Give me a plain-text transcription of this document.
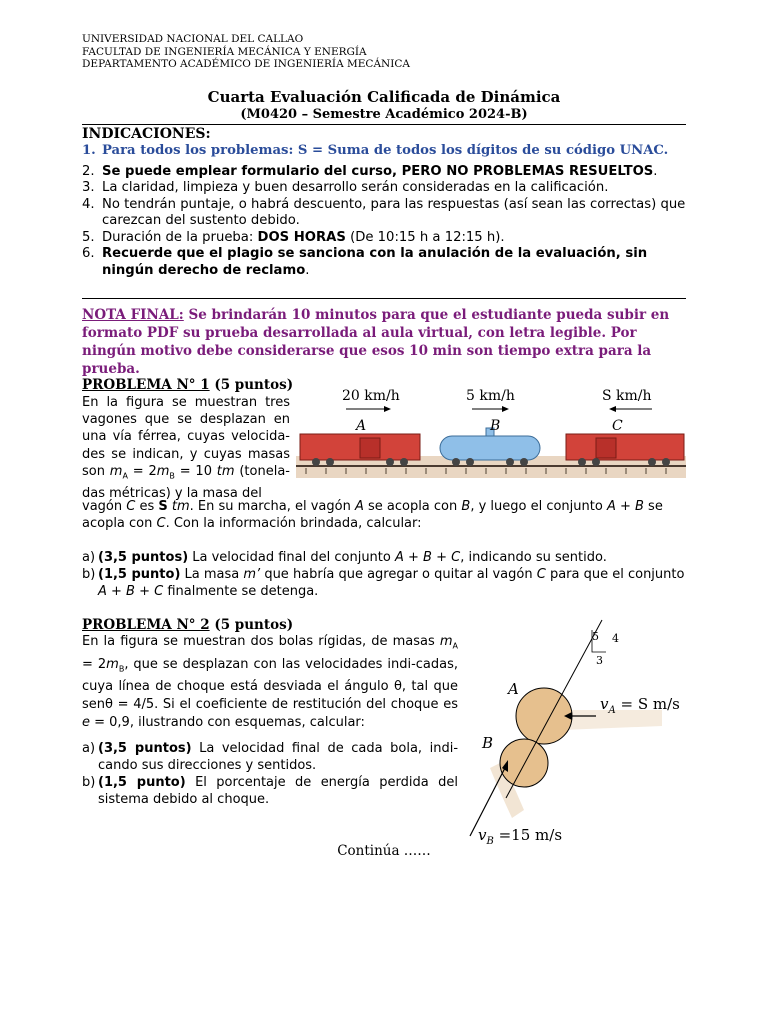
UNIVERSIDAD NACIONAL DEL CALLAO
FACULTAD DE INGENIERÍA MECÁNICA Y ENERGÍA
DEPARTAMENTO ACADÉMICO DE INGENIERÍA MECÁNICA
Cuarta Evaluación Calificada de Dinámica
(M0420 – Semestre Académico 2024-B)
INDICACIONES:
1. Para todos los problemas: S = Suma de todos los dígitos de su código UNAC.
2. Se puede emplear formulario del curso, PERO NO PROBLEMAS RESUELTOS.
3. La claridad, limpieza y buen desarrollo serán consideradas en la calificación.
4. No tendrán puntaje, o habrá descuento, para las respuestas (así sean las correctas) que carezcan del sustento debido.
5. Duración de la prueba: DOS HORAS (De 10:15 h a 12:15 h).
6. Recuerde que el plagio se sanciona con la anulación de la evaluación, sin ningún derecho de reclamo.
NOTA FINAL: Se brindarán 10 minutos para que el estudiante pueda subir en formato PDF su prueba desarrollada al aula virtual, con letra legible. Por ningún motivo debe considerarse que esos 10 min son tiempo extra para la prueba.
PROBLEMA N° 1 (5 puntos)
En la figura se muestran tres vagones que se desplazan en una vía férrea, cuyas velocida-des se indican, y cuyas masas son $m_A = 2m_B = 10$ tm (tonela-das métricas) y la masa del
vagón C es S tm. En su marcha, el vagón A se acopla con B, y luego el conjunto A + B se acopla con C. Con la información brindada, calcular:
a) (3,5 puntos) La velocidad final del conjunto A + B + C, indicando su sentido.
b) (1,5 punto) La masa m’ que habría que agregar o quitar al vagón C para que el conjunto A + B + C finalmente se detenga.
20 km/h	5 km/h	S km/h
A	B	C
PROBLEMA N° 2 (5 puntos)
En la figura se muestran dos bolas rígidas, de masas $m_A = 2m_B$, que se desplazan con las velocidades indi-cadas, cuya línea de choque está desviada el ángulo θ, tal que senθ = 4/5. Si el coeficiente de restitución del choque es e = 0,9, ilustrando con esquemas, calcular:
a) (3,5 puntos) La velocidad final de cada bola, indi-cando sus direcciones y sentidos.
b) (1,5 punto) El porcentaje de energía perdida del sistema debido al choque.
5 4
3
A
B
$v_A = S$ m/s
$v_B =15$ m/s
Continúa ……
